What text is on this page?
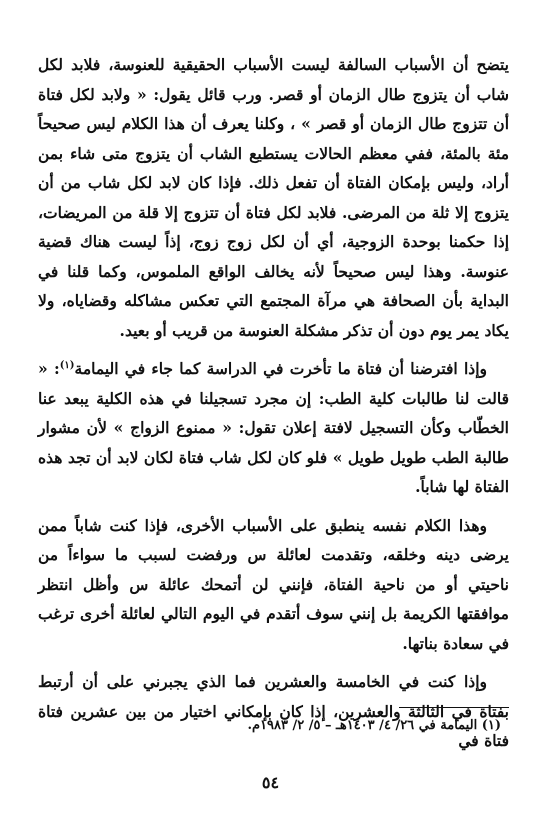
يتضح أن الأسباب السالفة ليست الأسباب الحقيقية للعنوسة، فلابد لكل شاب أن يتزوج طال الزمان أو قصر. ورب قائل يقول: « ولابد لكل فتاة أن تتزوج طال الزمان أو قصر » ، وكلنا يعرف أن هذا الكلام ليس صحيحاً مئة بالمئة، ففي معظم الحالات يستطيع الشاب أن يتزوج متى شاء بمن أراد، وليس بإمكان الفتاة أن تفعل ذلك. فإذا كان لابد لكل شاب من أن يتزوج إلا ثلة من المرضى. فلابد لكل فتاة أن تتزوج إلا قلة من المريضات، إذا حكمنا بوحدة الزوجية، أي أن لكل زوج زوج، إذاً ليست هناك قضية عنوسة. وهذا ليس صحيحاً لأنه يخالف الواقع الملموس، وكما قلنا في البداية بأن الصحافة هي مرآة المجتمع التي تعكس مشاكله وقضاياه، ولا يكاد يمر يوم دون أن تذكر مشكلة العنوسة من قريب أو بعيد.

وإذا افترضنا أن فتاة ما تأخرت في الدراسة كما جاء في اليمامة$^{(١)}$: « قالت لنا طالبات كلية الطب: إن مجرد تسجيلنا في هذه الكلية يبعد عنا الخطّاب وكأن التسجيل لافتة إعلان تقول: « ممنوع الزواج » لأن مشوار طالبة الطب طويل طويل » فلو كان لكل شاب فتاة لكان لابد أن تجد هذه الفتاة لها شاباً.

وهذا الكلام نفسه ينطبق على الأسباب الأخرى، فإذا كنت شاباً ممن يرضى دينه وخلقه، وتقدمت لعائلة س ورفضت لسبب ما سواءاً من ناحيتي أو من ناحية الفتاة، فإنني لن أتمحك عائلة س وأظل انتظر موافقتها الكريمة بل إنني سوف أتقدم في اليوم التالي لعائلة أخرى ترغب في سعادة بناتها.

وإذا كنت في الخامسة والعشرين فما الذي يجبرني على أن أرتبط بفتاة في الثالثة والعشرين، إذا كان بإمكاني اختيار من بين عشرين فتاة فتاة في

(١) اليمامة في ٢٦/ ٤/ ١٤٠٣هـ – ٥/ ٢/ ١٩٨٣م.
٥٤
